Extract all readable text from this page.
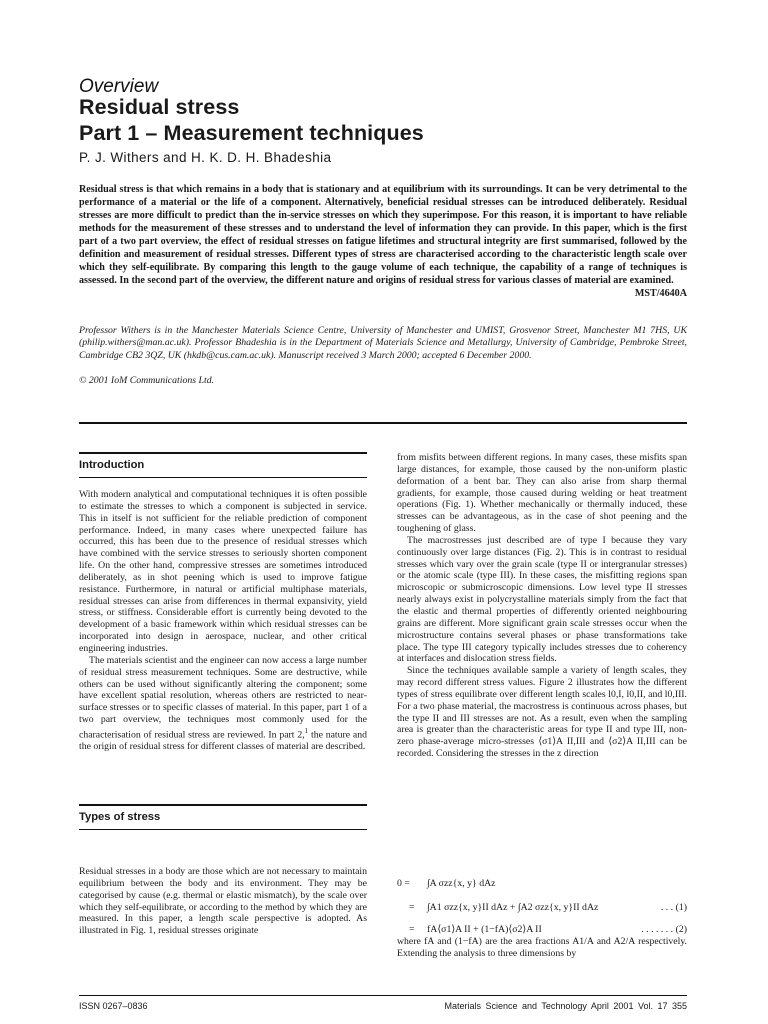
Overview
Residual stress
Part 1 – Measurement techniques
P. J. Withers and H. K. D. H. Bhadeshia
Residual stress is that which remains in a body that is stationary and at equilibrium with its surroundings. It can be very detrimental to the performance of a material or the life of a component. Alternatively, beneficial residual stresses can be introduced deliberately. Residual stresses are more difficult to predict than the in-service stresses on which they superimpose. For this reason, it is important to have reliable methods for the measurement of these stresses and to understand the level of information they can provide. In this paper, which is the first part of a two part overview, the effect of residual stresses on fatigue lifetimes and structural integrity are first summarised, followed by the definition and measurement of residual stresses. Different types of stress are characterised according to the characteristic length scale over which they self-equilibrate. By comparing this length to the gauge volume of each technique, the capability of a range of techniques is assessed. In the second part of the overview, the different nature and origins of residual stress for various classes of material are examined.
MST/4640A
Professor Withers is in the Manchester Materials Science Centre, University of Manchester and UMIST, Grosvenor Street, Manchester M1 7HS, UK (philip.withers@man.ac.uk). Professor Bhadeshia is in the Department of Materials Science and Metallurgy, University of Cambridge, Pembroke Street, Cambridge CB2 3QZ, UK (hkdb@cus.cam.ac.uk). Manuscript received 3 March 2000; accepted 6 December 2000.
© 2001 IoM Communications Ltd.
Introduction

With modern analytical and computational techniques it is often possible to estimate the stresses to which a component is subjected in service. This in itself is not sufficient for the reliable prediction of component performance. Indeed, in many cases where unexpected failure has occurred, this has been due to the presence of residual stresses which have combined with the service stresses to seriously shorten component life. On the other hand, compressive stresses are sometimes introduced deliberately, as in shot peening which is used to improve fatigue resistance. Furthermore, in natural or artificial multiphase materials, residual stresses can arise from differences in thermal expansivity, yield stress, or stiffness. Considerable effort is currently being devoted to the development of a basic framework within which residual stresses can be incorporated into design in aerospace, nuclear, and other critical engineering industries.

The materials scientist and the engineer can now access a large number of residual stress measurement techniques. Some are destructive, while others can be used without significantly altering the component; some have excellent spatial resolution, whereas others are restricted to near-surface stresses or to specific classes of material. In this paper, part 1 of a two part overview, the techniques most commonly used for the characterisation of residual stress are reviewed. In part 2,$^1$ the nature and the origin of residual stress for different classes of material are described.

Types of stress

Residual stresses in a body are those which are not necessary to maintain equilibrium between the body and its environment. They may be categorised by cause (e.g. thermal or elastic mismatch), by the scale over which they self-equilibrate, or according to the method by which they are measured. In this paper, a length scale perspective is adopted. As illustrated in Fig. 1, residual stresses originate

from misfits between different regions. In many cases, these misfits span large distances, for example, those caused by the non-uniform plastic deformation of a bent bar. They can also arise from sharp thermal gradients, for example, those caused during welding or heat treatment operations (Fig. 1). Whether mechanically or thermally induced, these stresses can be advantageous, as in the case of shot peening and the toughening of glass.

The macrostresses just described are of type I because they vary continuously over large distances (Fig. 2). This is in contrast to residual stresses which vary over the grain scale (type II or intergranular stresses) or the atomic scale (type III). In these cases, the misfitting regions span microscopic or submicroscopic dimensions. Low level type II stresses nearly always exist in polycrystalline materials simply from the fact that the elastic and thermal properties of differently oriented neighbouring grains are different. More significant grain scale stresses occur when the microstructure contains several phases or phase transformations take place. The type III category typically includes stresses due to coherency at interfaces and dislocation stress fields.

Since the techniques available sample a variety of length scales, they may record different stress values. Figure 2 illustrates how the different types of stress equilibrate over different length scales l0,I, l0,II, and l0,III. For a two phase material, the macrostress is continuous across phases, but the type II and III stresses are not. As a result, even when the sampling area is greater than the characteristic areas for type II and type III, non-zero phase-average micro-stresses ⟨σ1⟩A II,III and ⟨σ2⟩A II,III can be recorded. Considering the stresses in the z direction

0 = ∫A σzz{x, y} dAz
= ∫A1 σzz{x, y}II dAz + ∫A2 σzz{x, y}II dAz	. . . (1)
= fA⟨σ1⟩A II + (1−fA)⟨σ2⟩A II	. . . . . . . (2)

where fA and (1−fA) are the area fractions A1/A and A2/A respectively. Extending the analysis to three dimensions by

ISSN 0267–0836	Materials Science and Technology April 2001 Vol. 17 355
